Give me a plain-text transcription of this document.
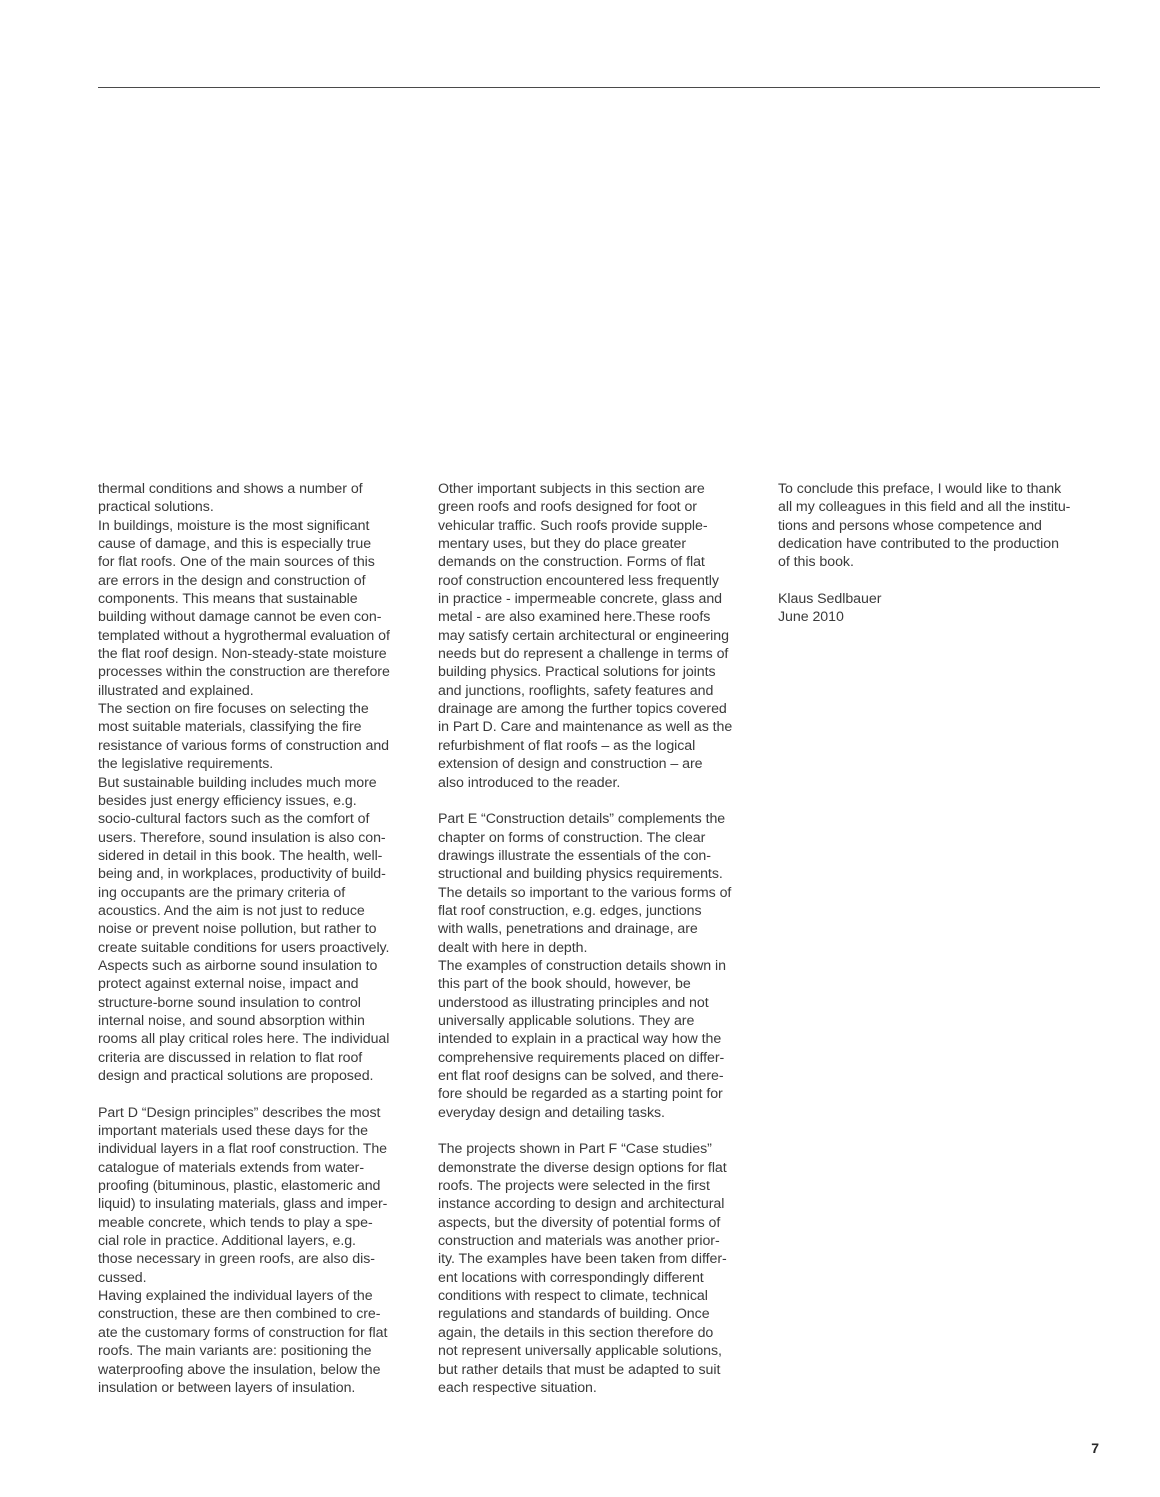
thermal conditions and shows a number of
practical solutions.
In buildings, moisture is the most significant
cause of damage, and this is especially true
for flat roofs. One of the main sources of this
are errors in the design and construction of
components. This means that sustainable
building without damage cannot be even con-
templated without a hygrothermal evaluation of
the flat roof design. Non-steady-state moisture
processes within the construction are therefore
illustrated and explained.
The section on fire focuses on selecting the
most suitable materials, classifying the fire
resistance of various forms of construction and
the legislative requirements.
But sustainable building includes much more
besides just energy efficiency issues, e.g.
socio-cultural factors such as the comfort of
users. Therefore, sound insulation is also con-
sidered in detail in this book. The health, well-
being and, in workplaces, productivity of build-
ing occupants are the primary criteria of
acoustics. And the aim is not just to reduce
noise or prevent noise pollution, but rather to
create suitable conditions for users proactively.
Aspects such as airborne sound insulation to
protect against external noise, impact and
structure-borne sound insulation to control
internal noise, and sound absorption within
rooms all play critical roles here. The individual
criteria are discussed in relation to flat roof
design and practical solutions are proposed.
Part D “Design principles” describes the most
important materials used these days for the
individual layers in a flat roof construction. The
catalogue of materials extends from water-
proofing (bituminous, plastic, elastomeric and
liquid) to insulating materials, glass and imper-
meable concrete, which tends to play a spe-
cial role in practice. Additional layers, e.g.
those necessary in green roofs, are also dis-
cussed.
Having explained the individual layers of the
construction, these are then combined to cre-
ate the customary forms of construction for flat
roofs. The main variants are: positioning the
waterproofing above the insulation, below the
insulation or between layers of insulation.
Other important subjects in this section are
green roofs and roofs designed for foot or
vehicular traffic. Such roofs provide supple-
mentary uses, but they do place greater
demands on the construction. Forms of flat
roof construction encountered less frequently
in practice - impermeable concrete, glass and
metal - are also examined here.These roofs
may satisfy certain architectural or engineering
needs but do represent a challenge in terms of
building physics. Practical solutions for joints
and junctions, rooflights, safety features and
drainage are among the further topics covered
in Part D. Care and maintenance as well as the
refurbishment of flat roofs – as the logical
extension of design and construction – are
also introduced to the reader.
Part E “Construction details” complements the
chapter on forms of construction. The clear
drawings illustrate the essentials of the con-
structional and building physics requirements.
The details so important to the various forms of
flat roof construction, e.g. edges, junctions
with walls, penetrations and drainage, are
dealt with here in depth.
The examples of construction details shown in
this part of the book should, however, be
understood as illustrating principles and not
universally applicable solutions. They are
intended to explain in a practical way how the
comprehensive requirements placed on differ-
ent flat roof designs can be solved, and there-
fore should be regarded as a starting point for
everyday design and detailing tasks.
The projects shown in Part F “Case studies”
demonstrate the diverse design options for flat
roofs. The projects were selected in the first
instance according to design and architectural
aspects, but the diversity of potential forms of
construction and materials was another prior-
ity. The examples have been taken from differ-
ent locations with correspondingly different
conditions with respect to climate, technical
regulations and standards of building. Once
again, the details in this section therefore do
not represent universally applicable solutions,
but rather details that must be adapted to suit
each respective situation.
To conclude this preface, I would like to thank
all my colleagues in this field and all the institu-
tions and persons whose competence and
dedication have contributed to the production
of this book.
Klaus Sedlbauer
June 2010
7
